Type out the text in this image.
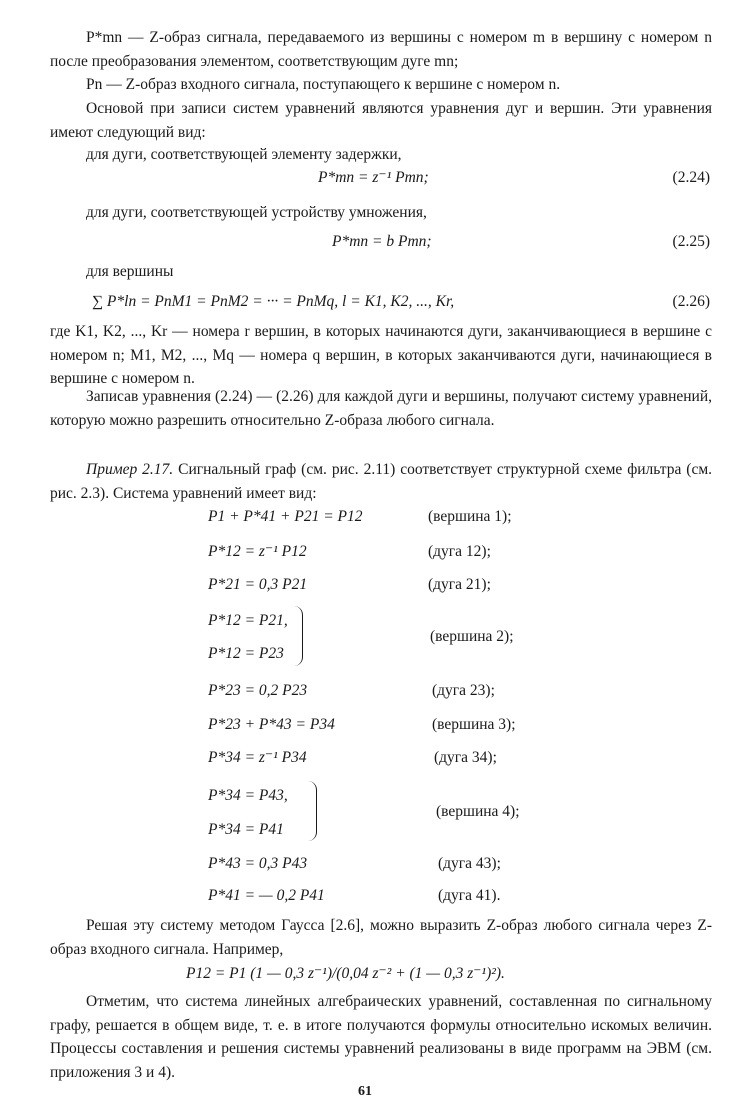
P*mn — Z-образ сигнала, передаваемого из вершины с номером m в вершину с номером n после преобразования элементом, соответствующим дуге mn;

Pn — Z-образ входного сигнала, поступающего к вершине с номером n.

Основой при записи систем уравнений являются уравнения дуг и вершин. Эти уравнения имеют следующий вид:

для дуги, соответствующей элементу задержки,
P*mn = z⁻¹ Pmn;	(2.24)
для дуги, соответствующей устройству умножения,
P*mn = b Pmn;	(2.25)
для вершины
∑ P*ln = PnM1 = PnM2 = ··· = PnMq, l = K1, K2, ..., Kr,	(2.26)

где K1, K2, ..., Kr — номера r вершин, в которых начинаются дуги, заканчивающиеся в вершине с номером n; M1, M2, ..., Mq — номера q вершин, в которых заканчиваются дуги, начинающиеся в вершине с номером n.

Записав уравнения (2.24) — (2.26) для каждой дуги и вершины, получают систему уравнений, которую можно разрешить относительно Z-образа любого сигнала.

Пример 2.17. Сигнальный граф (см. рис. 2.11) соответствует структурной схеме фильтра (см. рис. 2.3). Система уравнений имеет вид:

P1 + P*41 + P21 = P12	(вершина 1);
P*12 = z⁻¹ P12	(дуга 12);
P*21 = 0,3 P21	(дуга 21);
P*12 = P21,
P*12 = P23
(вершина 2);
P*23 = 0,2 P23	(дуга 23);
P*23 + P*43 = P34	(вершина 3);
P*34 = z⁻¹ P34	(дуга 34);
P*34 = P43,
P*34 = P41
(вершина 4);
P*43 = 0,3 P43	(дуга 43);
P*41 = — 0,2 P41	(дуга 41).

Решая эту систему методом Гаусса [2.6], можно выразить Z-образ любого сигнала через Z-образ входного сигнала. Например,

P12 = P1 (1 — 0,3 z⁻¹)/(0,04 z⁻² + (1 — 0,3 z⁻¹)²).

Отметим, что система линейных алгебраических уравнений, составленная по сигнальному графу, решается в общем виде, т. е. в итоге получаются формулы относительно искомых величин. Процессы составления и решения системы уравнений реализованы в виде программ на ЭВМ (см. приложения 3 и 4).

61
